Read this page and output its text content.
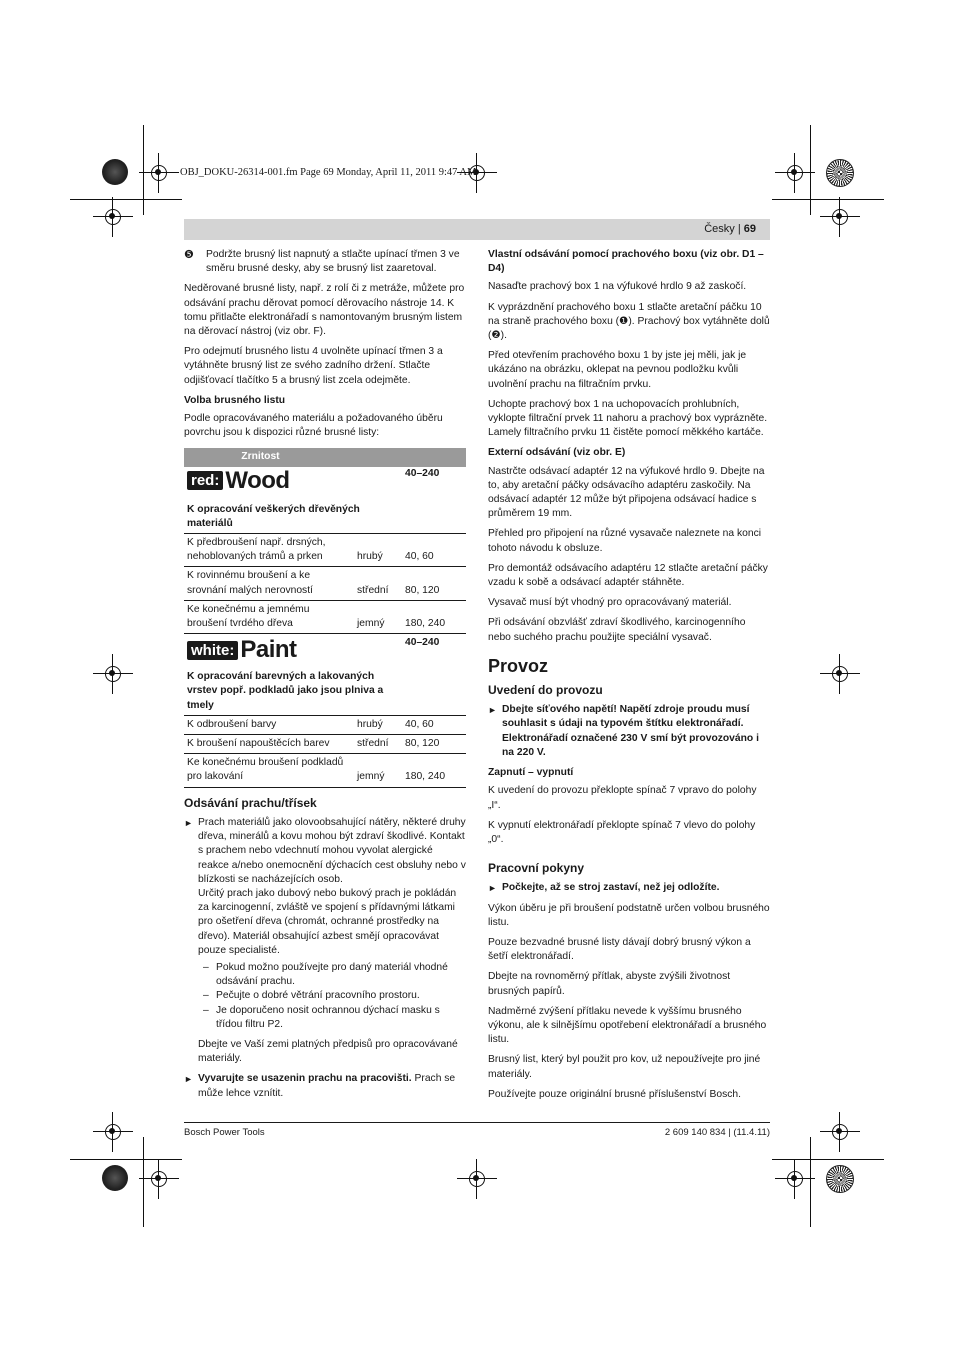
OBJ_DOKU-26314-001.fm Page 69 Monday, April 11, 2011 9:47 AM
Česky | 69
❺ Podržte brusný list napnutý a stlačte upínací třmen 3 ve směru brusné desky, aby se brusný list zaaretoval.

Neděrované brusné listy, např. z rolí či z metráže, můžete pro odsávání prachu děrovat pomocí děrovacího nástroje 14. K tomu přitlačte elektronářadí s namontovaným brusným listem na děrovací nástroj (viz obr. F).

Pro odejmutí brusného listu 4 uvolněte upínací třmen 3 a vytáhněte brusný list ze svého zadního držení. Stlačte odjišťovací tlačítko 5 a brusný list zcela odejměte.

Volba brusného listu

Podle opracovávaného materiálu a požadovaného úběru povrchu jsou k dispozici různé brusné listy:

		Zrnitost	
red: Wood
K opracování veškerých dřevěných materiálů		40–240
K předbroušení např. drsných, nehoblovaných trámů a prken	hrubý	40, 60
K rovinnému broušení a ke srovnání malých nerovností	střední	80, 120
Ke konečnému a jemnému broušení tvrdého dřeva	jemný	180, 240

white: Paint
K opracování barevných a lakovaných vrstev popř. podkladů jako jsou plniva a tmely		40–240
K odbroušení barvy	hrubý	40, 60
K broušení napouštěcích barev	střední	80, 120
Ke konečnému broušení podkladů pro lakování	jemný	180, 240
Odsávání prachu/třísek
► Prach materiálů jako olovoobsahující nátěry, některé druhy dřeva, minerálů a kovu mohou být zdraví škodlivé. Kontakt s prachem nebo vdechnutí mohou vyvolat alergické reakce a/nebo onemocnění dýchacích cest obsluhy nebo v blízkosti se nacházejících osob.
Určitý prach jako dubový nebo bukový prach je pokládán za karcinogenní, zvláště ve spojení s přídavnými látkami pro ošetření dřeva (chromát, ochranné prostředky na dřevo). Materiál obsahující azbest smějí opracovávat pouze specialisté.
– Pokud možno používejte pro daný materiál vhodné odsávání prachu.
– Pečujte o dobré větrání pracovního prostoru.
– Je doporučeno nosit ochrannou dýchací masku s třídou filtru P2.
Dbejte ve Vaší zemi platných předpisů pro opracovávané materiály.
► Vyvarujte se usazenin prachu na pracovišti. Prach se může lehce vznítit.
Vlastní odsávání pomocí prachového boxu (viz obr. D1 – D4)

Nasaďte prachový box 1 na výfukové hrdlo 9 až zaskočí.

K vyprázdnění prachového boxu 1 stlačte aretační páčku 10 na straně prachového boxu (❶). Prachový box vytáhněte dolů (❷).

Před otevřením prachového boxu 1 by jste jej měli, jak je ukázáno na obrázku, oklepat na pevnou podložku kvůli uvolnění prachu na filtračním prvku.

Uchopte prachový box 1 na uchopovacích prohlubních, vyklopte filtrační prvek 11 nahoru a prachový box vyprázněte. Lamely filtračního prvku 11 čistěte pomocí měkkého kartáče.

Externí odsávání (viz obr. E)

Nastrčte odsávací adaptér 12 na výfukové hrdlo 9. Dbejte na to, aby aretační páčky odsávacího adaptéru zaskočily. Na odsávací adaptér 12 může být připojena odsávací hadice s průměrem 19 mm.

Přehled pro připojení na různé vysavače naleznete na konci tohoto návodu k obsluze.

Pro demontáž odsávacího adaptéru 12 stlačte aretační páčky vzadu k sobě a odsávací adaptér stáhněte.

Vysavač musí být vhodný pro opracovávaný materiál.

Při odsávání obzvlášť zdraví škodlivého, karcinogenního nebo suchého prachu použijte speciální vysavač.

Provoz
Uvedení do provozu
► Dbejte síťového napětí! Napětí zdroje proudu musí souhlasit s údaji na typovém štítku elektronářadí. Elektronářadí označené 230 V smí být provozováno i na 220 V.
Zapnutí – vypnutí

K uvedení do provozu překlopte spínač 7 vpravo do polohy „I“.

K vypnutí elektronářadí překlopte spínač 7 vlevo do polohy „0“.

Pracovní pokyny
► Počkejte, až se stroj zastaví, než jej odložíte.

Výkon úběru je při broušení podstatně určen volbou brusného listu.

Pouze bezvadné brusné listy dávají dobrý brusný výkon a šetří elektronářadí.

Dbejte na rovnoměrný přítlak, abyste zvýšili životnost brusných papírů.

Nadměrné zvýšení přítlaku nevede k vyššímu brusného výkonu, ale k silnějšímu opotřebení elektronářadí a brusného listu.

Brusný list, který byl použit pro kov, už nepoužívejte pro jiné materiály.

Používejte pouze originální brusné příslušenství Bosch.

Bosch Power Tools	2 609 140 834 | (11.4.11)
